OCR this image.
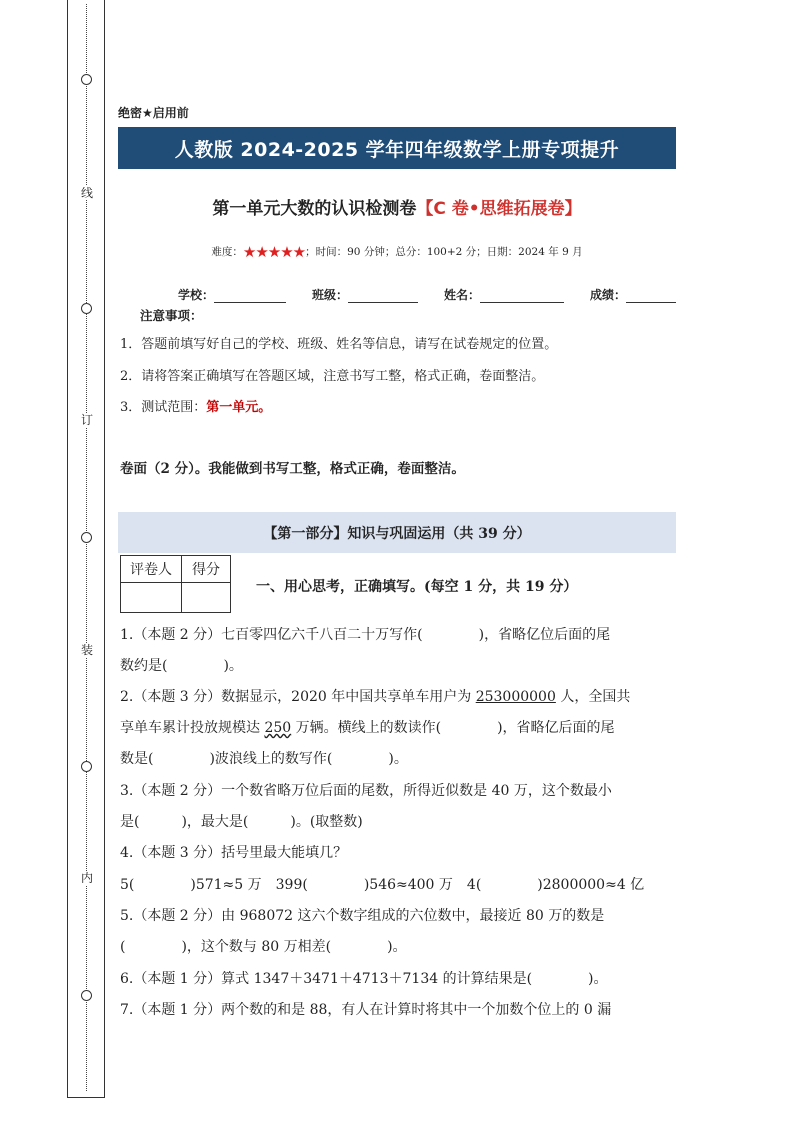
线
订
装
内
绝密★启用前
人教版 2024-2025 学年四年级数学上册专项提升
第一单元大数的认识检测卷【C 卷•思维拓展卷】
难度：★★★★★；时间：90 分钟；总分：100+2 分；日期：2024 年 9 月
学校：	班级：	姓名：	成绩：
注意事项：
1．答题前填写好自己的学校、班级、姓名等信息，请写在试卷规定的位置。
2．请将答案正确填写在答题区域，注意书写工整，格式正确，卷面整洁。
3．测试范围：第一单元。
卷面（2 分）。我能做到书写工整，格式正确，卷面整洁。
【第一部分】知识与巩固运用（共 39 分）
评卷人	得分

一、用心思考，正确填写。(每空 1 分，共 19 分）
1.（本题 2 分）七百零四亿六千八百二十万写作(　　　　)，省略亿位后面的尾
数约是(　　　　)。
2.（本题 3 分）数据显示，2020 年中国共享单车用户为 253000000 人，全国共
享单车累计投放规模达 250 万辆。横线上的数读作(　　　　)，省略亿后面的尾
数是(　　　　)波浪线上的数写作(　　　　)。
3.（本题 2 分）一个数省略万位后面的尾数，所得近似数是 40 万，这个数最小
是(　　　)，最大是(　　　)。(取整数)
4.（本题 3 分）括号里最大能填几？
5(　　　　)571≈5 万　399(　　　　)546≈400 万　4(　　　　)2800000≈4 亿
5.（本题 2 分）由 968072 这六个数字组成的六位数中，最接近 80 万的数是
(　　　　)，这个数与 80 万相差(　　　　)。
6.（本题 1 分）算式 1347＋3471＋4713＋7134 的计算结果是(　　　　)。
7.（本题 1 分）两个数的和是 88，有人在计算时将其中一个加数个位上的 0 漏
